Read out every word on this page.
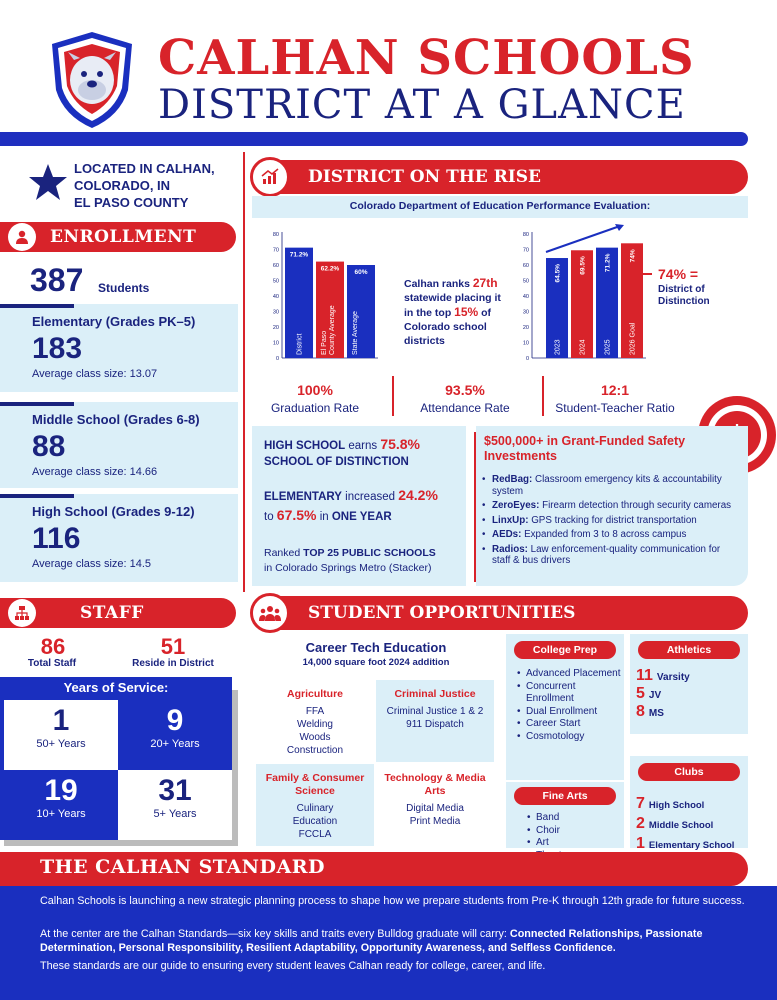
CALHAN SCHOOLS
DISTRICT AT A GLANCE
LOCATED IN CALHAN,
COLORADO, IN
EL PASO COUNTY
ENROLLMENT
387 Students
Elementary (Grades PK–5)
183
Average class size: 13.07
Middle School (Grades 6-8)
88
Average class size: 14.66
High School (Grades 9-12)
116
Average class size: 14.5
STAFF
86
Total Staff
51
Reside in District
Years of Service:
1
50+ Years
9
20+ Years
19
10+ Years
31
5+ Years
DISTRICT ON THE RISE
Colorado Department of Education Performance Evaluation:
0
10
20
30
40
50
60
70
80
71.2%
District
62.2%
El PasoCounty Average
60%
State Average
0
10
20
30
40
50
60
70
80
64.5%
2023
69.5%
2024
71.2%
2025
74%
2026 Goal
Calhan ranks 27th statewide placing it in the top 15% of Colorado school districts
74% =
District of Distinction
100%
Graduation Rate
93.5%
Attendance Rate
12:1
Student-Teacher Ratio
HIGH SCHOOL earns 75.8%
SCHOOL OF DISTINCTION
ELEMENTARY increased 24.2%
to 67.5% in ONE YEAR
Ranked TOP 25 PUBLIC SCHOOLS
in Colorado Springs Metro (Stacker)
$500,000+ in Grant-Funded Safety Investments
• RedBag: Classroom emergency kits & accountability system
• ZeroEyes: Firearm detection through security cameras
• LinxUp: GPS tracking for district transportation
• AEDs: Expanded from 3 to 8 across campus
• Radios: Law enforcement-quality communication for staff & bus drivers
STUDENT OPPORTUNITIES
Career Tech Education
14,000 square foot 2024 addition
Agriculture
FFA
Welding
Woods
Construction
Criminal Justice
Criminal Justice 1 & 2
911 Dispatch
Family & Consumer Science
Culinary
Education
FCCLA
Technology & Media Arts
Digital Media
Print Media
College Prep
• Advanced Placement
• Concurrent Enrollment
• Dual Enrollment
• Career Start
• Cosmotology
Fine Arts
• Band
• Choir
• Art
•
Athletics
11 Varsity
5 JV
8 MS
Clubs
7 High School
2 Middle School
1 Elementary School
THE CALHAN STANDARD
Calhan Schools is launching a new strategic planning process to shape how we prepare students from Pre-K through 12th grade for future success.
At the center are the Calhan Standards—six key skills and traits every Bulldog graduate will carry: Connected Relationships, Passionate Determination, Personal Responsibility, Resilient Adaptability, Opportunity Awareness, and Selfless Confidence.
These standards are our guide to ensuring every student leaves Calhan ready for college, career, and life.
